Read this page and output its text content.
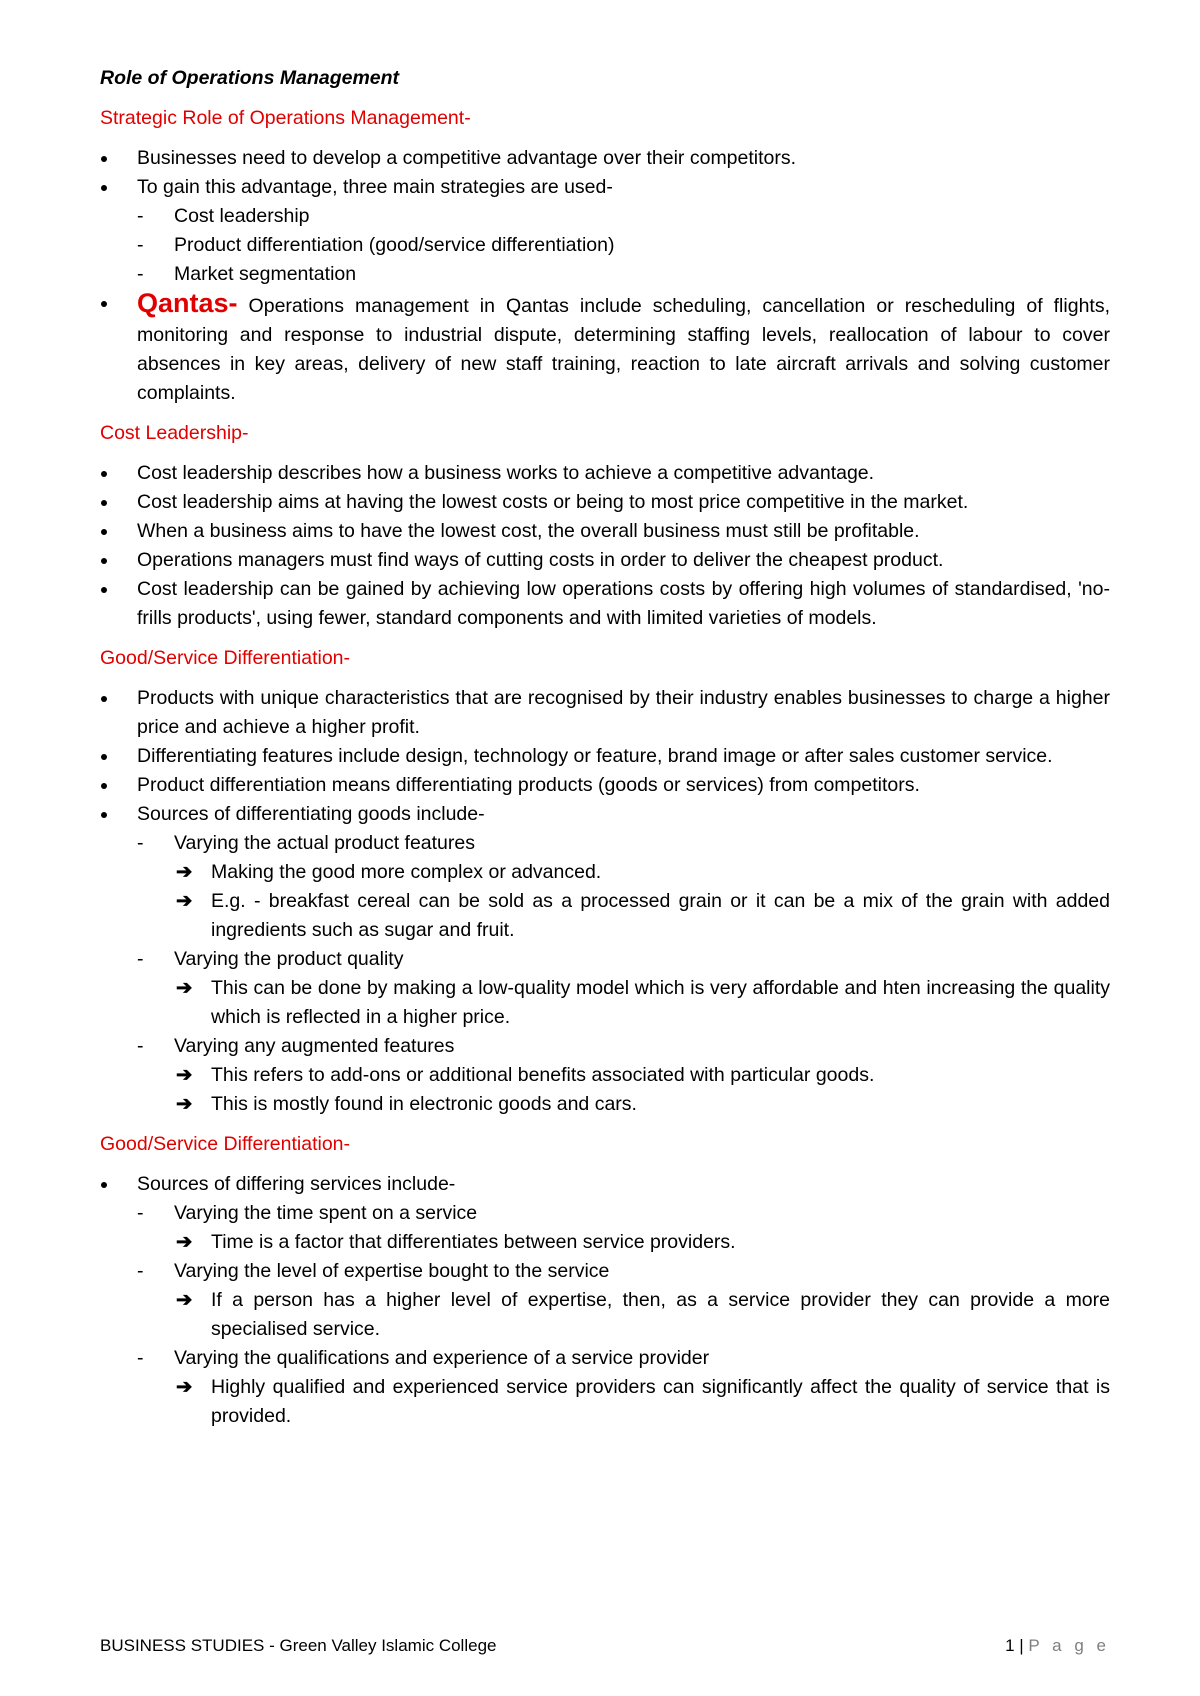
Role of Operations Management
Strategic Role of Operations Management-
Businesses need to develop a competitive advantage over their competitors.
To gain this advantage, three main strategies are used-
- Cost leadership
- Product differentiation (good/service differentiation)
- Market segmentation
Qantas- Operations management in Qantas include scheduling, cancellation or rescheduling of flights, monitoring and response to industrial dispute, determining staffing levels, reallocation of labour to cover absences in key areas, delivery of new staff training, reaction to late aircraft arrivals and solving customer complaints.
Cost Leadership-
Cost leadership describes how a business works to achieve a competitive advantage.
Cost leadership aims at having the lowest costs or being to most price competitive in the market.
When a business aims to have the lowest cost, the overall business must still be profitable.
Operations managers must find ways of cutting costs in order to deliver the cheapest product.
Cost leadership can be gained by achieving low operations costs by offering high volumes of standardised, 'no-frills products', using fewer, standard components and with limited varieties of models.
Good/Service Differentiation-
Products with unique characteristics that are recognised by their industry enables businesses to charge a higher price and achieve a higher profit.
Differentiating features include design, technology or feature, brand image or after sales customer service.
Product differentiation means differentiating products (goods or services) from competitors.
Sources of differentiating goods include-
- Varying the actual product features
➔ Making the good more complex or advanced.
➔ E.g. - breakfast cereal can be sold as a processed grain or it can be a mix of the grain with added ingredients such as sugar and fruit.
- Varying the product quality
➔ This can be done by making a low-quality model which is very affordable and hten increasing the quality which is reflected in a higher price.
- Varying any augmented features
➔ This refers to add-ons or additional benefits associated with particular goods.
➔ This is mostly found in electronic goods and cars.
Good/Service Differentiation-
Sources of differing services include-
- Varying the time spent on a service
➔ Time is a factor that differentiates between service providers.
- Varying the level of expertise bought to the service
➔ If a person has a higher level of expertise, then, as a service provider they can provide a more specialised service.
- Varying the qualifications and experience of a service provider
➔ Highly qualified and experienced service providers can significantly affect the quality of service that is provided.
BUSINESS STUDIES - Green Valley Islamic College	1 | P a g e
